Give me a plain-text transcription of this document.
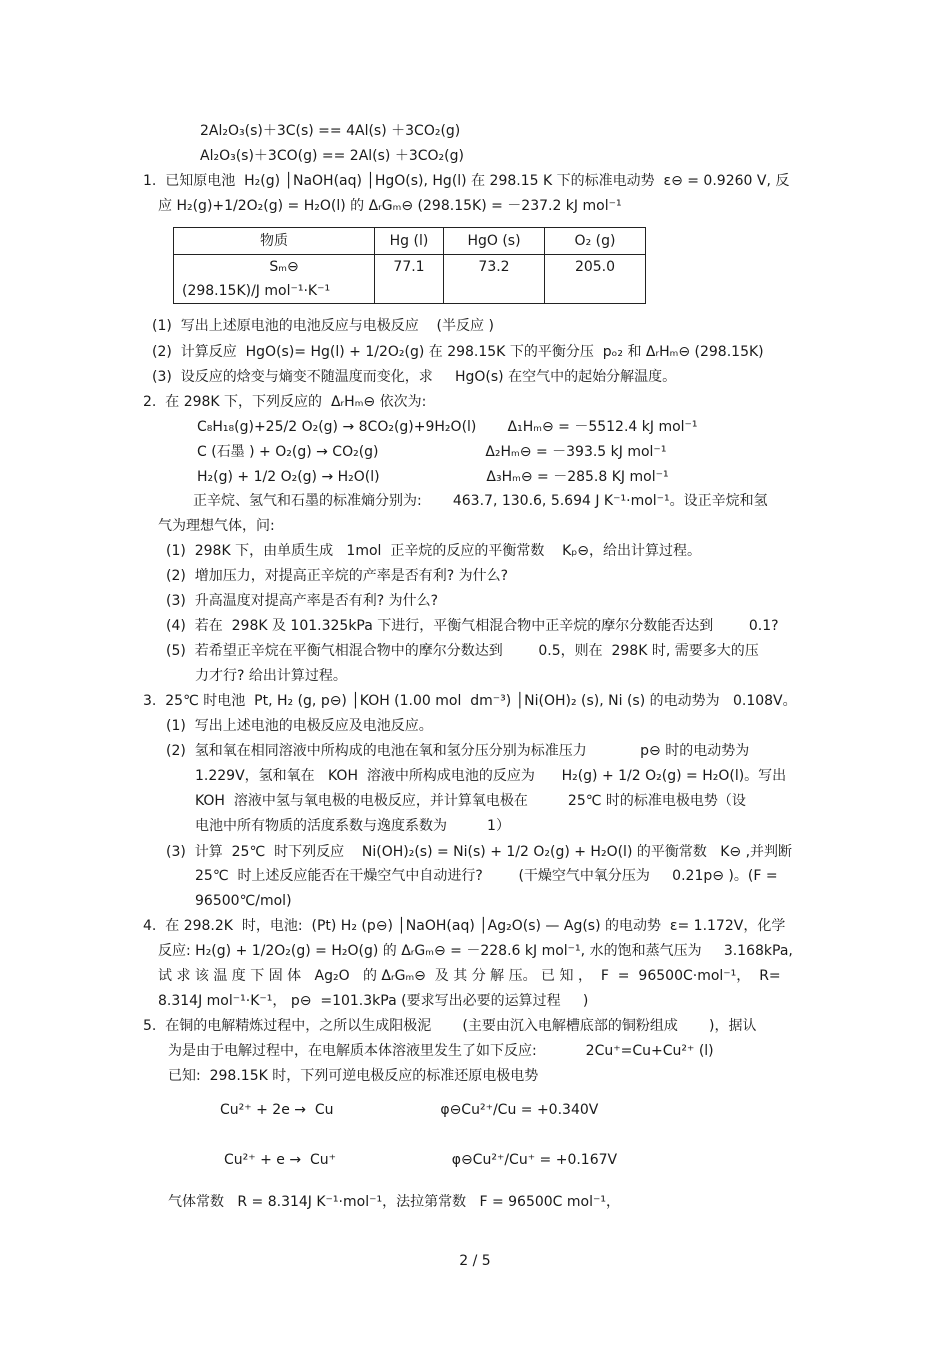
2Al₂O₃(s)＋3C(s) == 4Al(s) ＋3CO₂(g)
Al₂O₃(s)＋3CO(g) == 2Al(s) ＋3CO₂(g)
1.  已知原电池  H₂(g) │NaOH(aq) │HgO(s), Hg(l) 在 298.15 K 下的标准电动势  ε⊖ = 0.9260 V, 反
应 H₂(g)+1/2O₂(g) = H₂O(l) 的 ΔᵣGₘ⊖ (298.15K) = －237.2 kJ mol⁻¹
(1)  写出上述原电池的电池反应与电极反应    (半反应 )
(2)  计算反应  HgO(s)= Hg(l) + 1/2O₂(g) 在 298.15K 下的平衡分压  pₒ₂ 和 ΔᵣHₘ⊖ (298.15K)
(3)  设反应的焓变与熵变不随温度而变化，求     HgO(s) 在空气中的起始分解温度。
2.  在 298K 下，下列反应的  ΔᵣHₘ⊖ 依次为:
C₈H₁₈(g)+25/2 O₂(g) → 8CO₂(g)+9H₂O(l)       Δ₁Hₘ⊖ = －5512.4 kJ mol⁻¹
C (石墨 ) + O₂(g) → CO₂(g)                        Δ₂Hₘ⊖ = －393.5 kJ mol⁻¹
H₂(g) + 1/2 O₂(g) → H₂O(l)                        Δ₃Hₘ⊖ = －285.8 KJ mol⁻¹
正辛烷、氢气和石墨的标准熵分别为:       463.7, 130.6, 5.694 J K⁻¹·mol⁻¹。设正辛烷和氢
气为理想气体，问:
(1)  298K 下，由单质生成   1mol  正辛烷的反应的平衡常数    Kₚ⊖，给出计算过程。
(2)  增加压力，对提高正辛烷的产率是否有利? 为什么?
(3)  升高温度对提高产率是否有利? 为什么?
(4)  若在  298K 及 101.325kPa 下进行，平衡气相混合物中正辛烷的摩尔分数能否达到        0.1?
(5)  若希望正辛烷在平衡气相混合物中的摩尔分数达到        0.5，则在  298K 时, 需要多大的压
力才行? 给出计算过程。
3.  25℃ 时电池  Pt, H₂ (g, p⊖) │KOH (1.00 mol  dm⁻³) │Ni(OH)₂ (s), Ni (s) 的电动势为   0.108V。
(1)  写出上述电池的电极反应及电池反应。
(2)  氢和氧在相同溶液中所构成的电池在氧和氢分压分别为标准压力            p⊖ 时的电动势为
1.229V，氢和氧在   KOH  溶液中所构成电池的反应为      H₂(g) + 1/2 O₂(g) = H₂O(l)。写出
KOH  溶液中氢与氧电极的电极反应，并计算氧电极在         25℃ 时的标准电极电势（设
电池中所有物质的活度系数与逸度系数为         1）
(3)  计算  25℃  时下列反应    Ni(OH)₂(s) = Ni(s) + 1/2 O₂(g) + H₂O(l) 的平衡常数   K⊖ ,并判断
25℃  时上述反应能否在干燥空气中自动进行?        (干燥空气中氧分压为     0.21p⊖ )。(F =
96500℃/mol)
4.  在 298.2K  时，电池:  (Pt) H₂ (p⊖) │NaOH(aq) │Ag₂O(s) — Ag(s) 的电动势  ε= 1.172V，化学
反应: H₂(g) + 1/2O₂(g) = H₂O(g) 的 ΔᵣGₘ⊖ = －228.6 kJ mol⁻¹, 水的饱和蒸气压为     3.168kPa,
试 求 该 温 度 下 固 体   Ag₂O   的 ΔᵣGₘ⊖  及 其 分 解 压。 已 知 ，  F  =  96500C·mol⁻¹，  R=
8.314J mol⁻¹·K⁻¹， p⊖  =101.3kPa (要求写出必要的运算过程     )
5.  在铜的电解精炼过程中，之所以生成阳极泥       (主要由沉入电解槽底部的铜粉组成       )，据认
为是由于电解过程中，在电解质本体溶液里发生了如下反应:           2Cu⁺=Cu+Cu²⁺ (l)
已知:  298.15K 时，下列可逆电极反应的标准还原电极电势
Cu²⁺ + 2e →  Cu                        φ⊖Cu²⁺/Cu = +0.340V
Cu²⁺ + e →  Cu⁺                          φ⊖Cu²⁺/Cu⁺ = +0.167V
气体常数   R = 8.314J K⁻¹·mol⁻¹，法拉第常数   F = 96500C mol⁻¹，
物质	Hg (l)	HgO (s)	O₂ (g)

Sₘ⊖
(298.15K)/J mol⁻¹·K⁻¹	77.1	73.2	205.0
2 / 5
